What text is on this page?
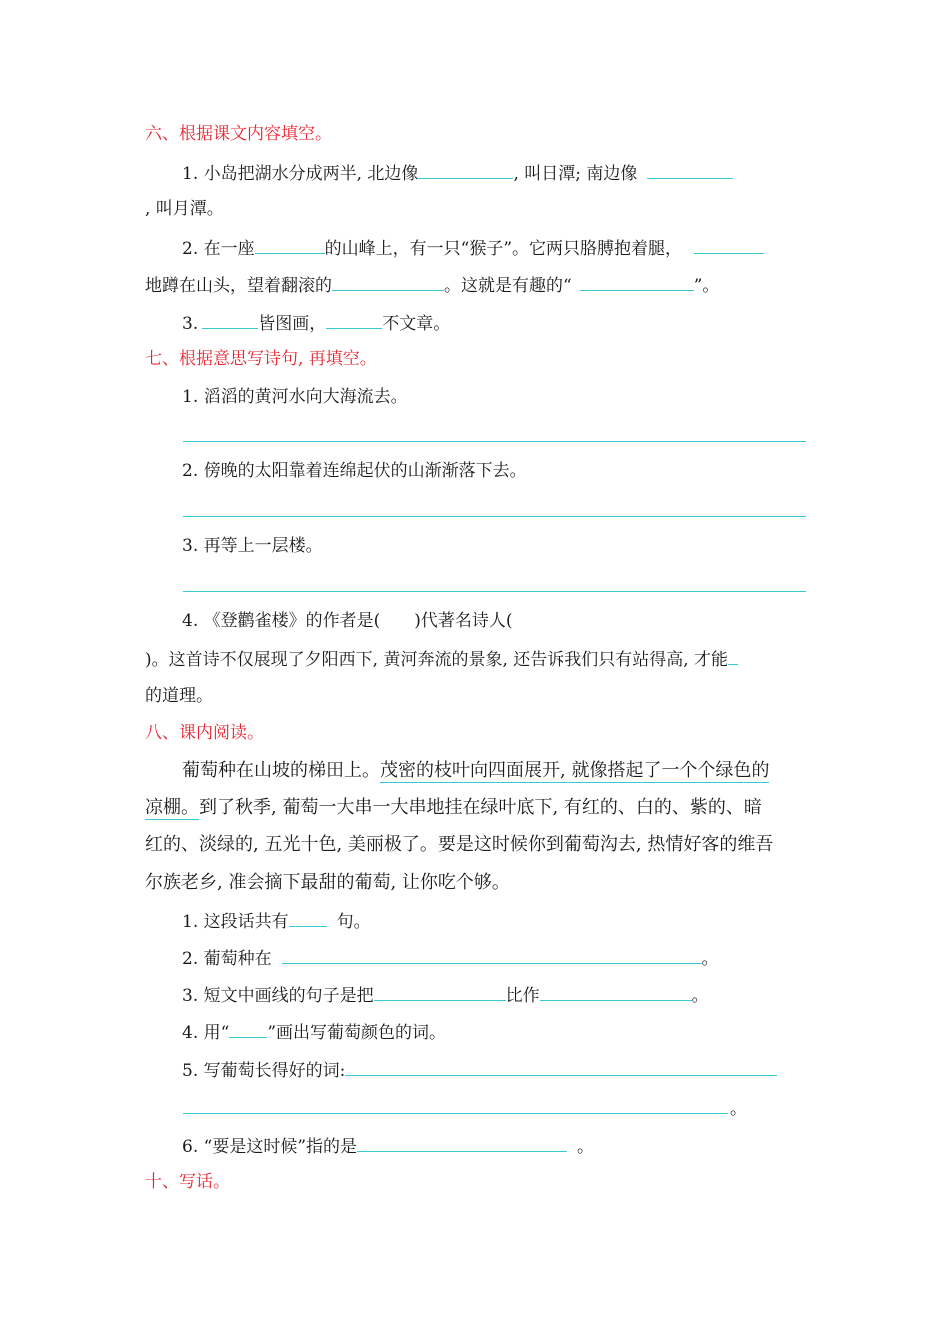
六、根据课文内容填空。
1. 小岛把湖水分成两半, 北边像	, 叫日潭; 南边像
, 叫月潭。
2. 在一座	的山峰上，有一只“猴子”。它两只胳膊抱着腿，
地蹲在山头，望着翻滚的	。这就是有趣的“	”。
3.	皆图画，	不文章。
七、根据意思写诗句, 再填空。
1. 滔滔的黄河水向大海流去。
2. 傍晚的太阳靠着连绵起伏的山渐渐落下去。
3. 再等上一层楼。
4. 《登鹳雀楼》的作者是(　　)代著名诗人(
)。这首诗不仅展现了夕阳西下, 黄河奔流的景象, 还告诉我们只有站得高, 才能
的道理。
八、课内阅读。
葡萄种在山坡的梯田上。茂密的枝叶向四面展开, 就像搭起了一个个绿色的
凉棚。到了秋季, 葡萄一大串一大串地挂在绿叶底下, 有红的、白的、紫的、暗
红的、淡绿的, 五光十色, 美丽极了。要是这时候你到葡萄沟去, 热情好客的维吾
尔族老乡, 准会摘下最甜的葡萄, 让你吃个够。
1. 这段话共有	句。
2. 葡萄种在	。
3. 短文中画线的句子是把	比作	。
4. 用“ ”画出写葡萄颜色的词。
5. 写葡萄长得好的词:
。
6. “要是这时候”指的是	。
十、写话。
